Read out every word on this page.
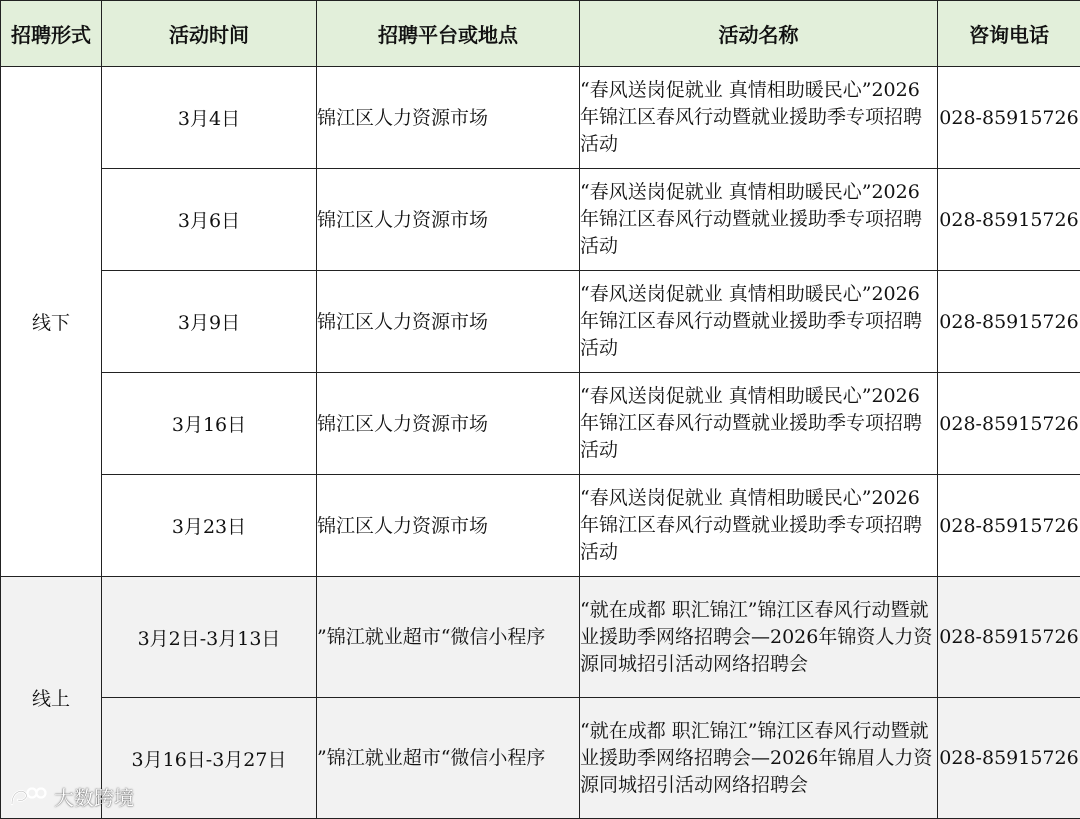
招聘形式	活动时间	招聘平台或地点	活动名称	咨询电话
线下	3月4日	锦江区人力资源市场	“春风送岗促就业 真情相助暖民心”2026年锦江区春风行动暨就业援助季专项招聘活动	028-85915726
	3月6日	锦江区人力资源市场	“春风送岗促就业 真情相助暖民心”2026年锦江区春风行动暨就业援助季专项招聘活动	028-85915726
	3月9日	锦江区人力资源市场	“春风送岗促就业 真情相助暖民心”2026年锦江区春风行动暨就业援助季专项招聘活动	028-85915726
	3月16日	锦江区人力资源市场	“春风送岗促就业 真情相助暖民心”2026年锦江区春风行动暨就业援助季专项招聘活动	028-85915726
	3月23日	锦江区人力资源市场	“春风送岗促就业 真情相助暖民心”2026年锦江区春风行动暨就业援助季专项招聘活动	028-85915726
线上	3月2日-3月13日	”锦江就业超市“微信小程序	“就在成都 职汇锦江”锦江区春风行动暨就业援助季网络招聘会—2026年锦资人力资源同城招引活动网络招聘会	028-85915726
	3月16日-3月27日	”锦江就业超市“微信小程序	“就在成都 职汇锦江”锦江区春风行动暨就业援助季网络招聘会—2026年锦眉人力资源同城招引活动网络招聘会	028-85915726
大数跨境
